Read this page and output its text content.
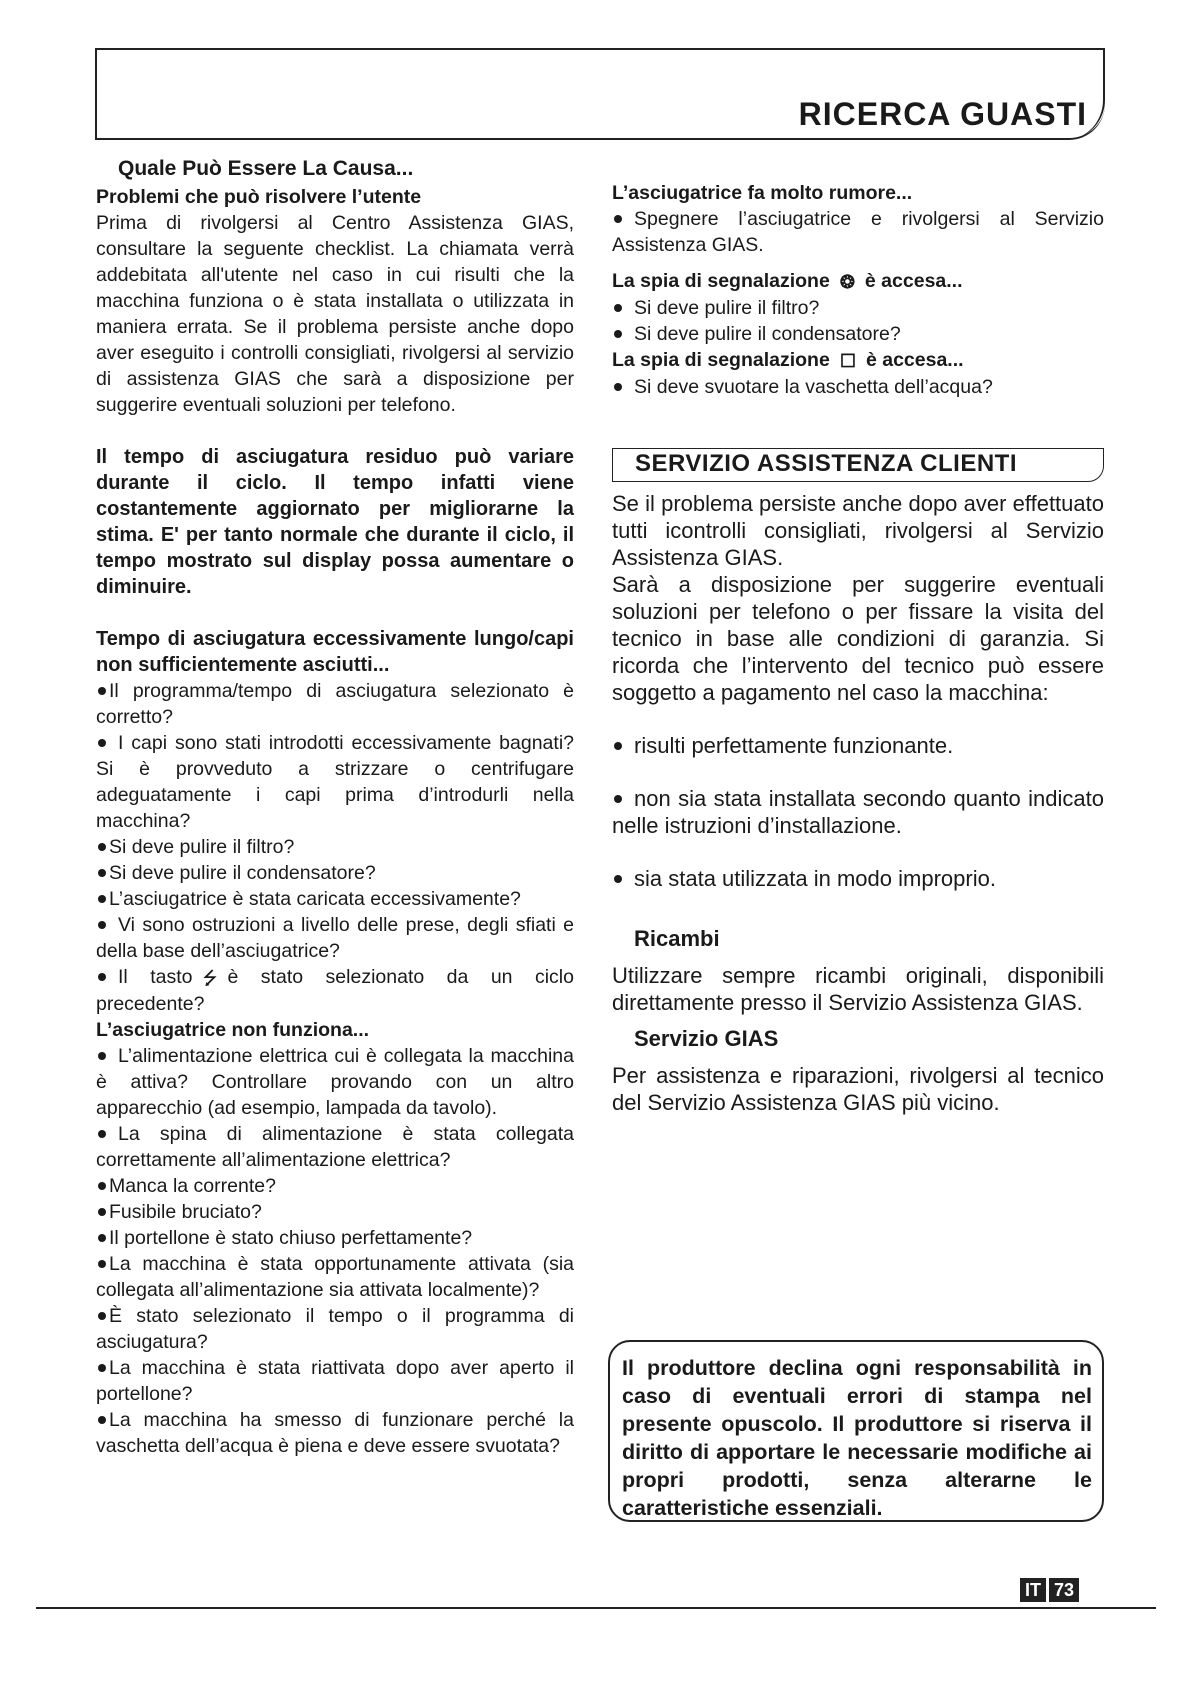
RICERCA GUASTI
Quale Può Essere La Causa...

Problemi che può risolvere l’utente

Prima di rivolgersi al Centro Assistenza GIAS, consultare la seguente checklist. La chiamata verrà addebitata all'utente nel caso in cui risulti che la macchina funziona o è stata installata o utilizzata in maniera errata. Se il problema persiste anche dopo aver eseguito i controlli consigliati, rivolgersi al servizio di assistenza GIAS che sarà a disposizione per suggerire eventuali soluzioni per telefono.

Il tempo di asciugatura residuo può variare durante il ciclo. Il tempo infatti viene costantemente aggiornato per migliorarne la stima. E' per tanto normale che durante il ciclo, il tempo mostrato sul display possa aumentare o diminuire.

Tempo di asciugatura eccessivamente lungo/capi non sufficientemente asciutti...

Il programma/tempo di asciugatura selezionato è corretto?

I capi sono stati introdotti eccessivamente bagnati? Si è provveduto a strizzare o centrifugare adeguatamente i capi prima d’introdurli nella macchina?

Si deve pulire il filtro?

Si deve pulire il condensatore?

L’asciugatrice è stata caricata eccessivamente?

Vi sono ostruzioni a livello delle prese, degli sfiati e della base dell’asciugatrice?

Il tasto ⭍ è stato selezionato da un ciclo precedente?

L’asciugatrice non funziona...

L’alimentazione elettrica cui è collegata la macchina è attiva? Controllare provando con un altro apparecchio (ad esempio, lampada da tavolo).

La spina di alimentazione è stata collegata correttamente all’alimentazione elettrica?

Manca la corrente?

Fusibile bruciato?

Il portellone è stato chiuso perfettamente?

La macchina è stata opportunamente attivata (sia collegata all’alimentazione sia attivata localmente)?

È stato selezionato il tempo o il programma di asciugatura?

La macchina è stata riattivata dopo aver aperto il portellone?

La macchina ha smesso di funzionare perché la vaschetta dell’acqua è piena e deve essere svuotata?

L’asciugatrice fa molto rumore...

Spegnere l’asciugatrice e rivolgersi al Servizio Assistenza GIAS.

La spia di segnalazione ❂ è accesa...

Si deve pulire il filtro?

Si deve pulire il condensatore?

La spia di segnalazione ☐ è accesa...

Si deve svuotare la vaschetta dell’acqua?

SERVIZIO ASSISTENZA CLIENTI

Se il problema persiste anche dopo aver effettuato tutti icontrolli consigliati, rivolgersi al Servizio Assistenza GIAS.

Sarà a disposizione per suggerire eventuali soluzioni per telefono o per fissare la visita del tecnico in base alle condizioni di garanzia. Si ricorda che l’intervento del tecnico può essere soggetto a pagamento nel caso la macchina:

risulti perfettamente funzionante.

non sia stata installata secondo quanto indicato nelle istruzioni d’installazione.

sia stata utilizzata in modo improprio.

Ricambi

Utilizzare sempre ricambi originali, disponibili direttamente presso il Servizio Assistenza GIAS.

Servizio GIAS

Per assistenza e riparazioni, rivolgersi al tecnico del Servizio Assistenza GIAS più vicino.

Il produttore declina ogni responsabilità in caso di eventuali errori di stampa nel presente opuscolo. Il produttore si riserva il diritto di apportare le necessarie modifiche ai propri prodotti, senza alterarne le caratteristiche essenziali.
IT 73
